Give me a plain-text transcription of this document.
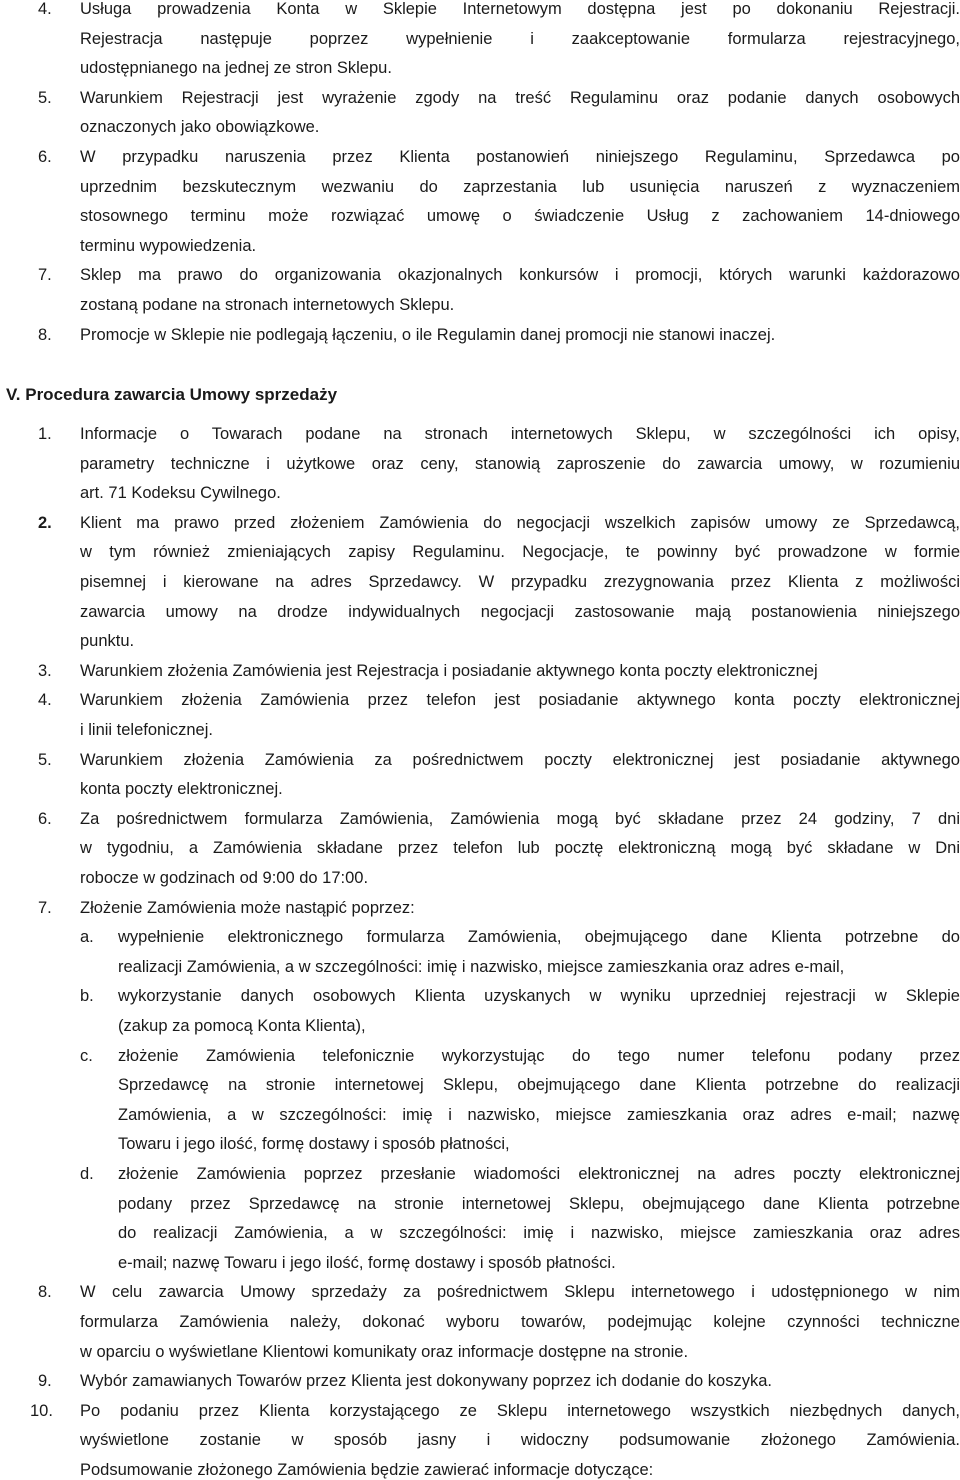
4. Usługa prowadzenia Konta w Sklepie Internetowym dostępna jest po dokonaniu Rejestracji.
Rejestracja następuje poprzez wypełnienie i zaakceptowanie formularza rejestracyjnego,
udostępnianego na jednej ze stron Sklepu.
5. Warunkiem Rejestracji jest wyrażenie zgody na treść Regulaminu oraz podanie danych osobowych
oznaczonych jako obowiązkowe.
6. W przypadku naruszenia przez Klienta postanowień niniejszego Regulaminu, Sprzedawca po
uprzednim bezskutecznym wezwaniu do zaprzestania lub usunięcia naruszeń z wyznaczeniem
stosownego terminu może rozwiązać umowę o świadczenie Usług z zachowaniem 14-dniowego
terminu wypowiedzenia.
7. Sklep ma prawo do organizowania okazjonalnych konkursów i promocji, których warunki każdorazowo
zostaną podane na stronach internetowych Sklepu.
8. Promocje w Sklepie nie podlegają łączeniu, o ile Regulamin danej promocji nie stanowi inaczej.
V. Procedura zawarcia Umowy sprzedaży
1. Informacje o Towarach podane na stronach internetowych Sklepu, w szczególności ich opisy,
parametry techniczne i użytkowe oraz ceny, stanowią zaproszenie do zawarcia umowy, w rozumieniu
art. 71 Kodeksu Cywilnego.
2. Klient ma prawo przed złożeniem Zamówienia do negocjacji wszelkich zapisów umowy ze Sprzedawcą,
w tym również zmieniających zapisy Regulaminu. Negocjacje, te powinny być prowadzone w formie
pisemnej i kierowane na adres Sprzedawcy. W przypadku zrezygnowania przez Klienta z możliwości
zawarcia umowy na drodze indywidualnych negocjacji zastosowanie mają postanowienia niniejszego
punktu.
3. Warunkiem złożenia Zamówienia jest Rejestracja i posiadanie aktywnego konta poczty elektronicznej
4. Warunkiem złożenia Zamówienia przez telefon jest posiadanie aktywnego konta poczty elektronicznej
i linii telefonicznej.
5. Warunkiem złożenia Zamówienia za pośrednictwem poczty elektronicznej jest posiadanie aktywnego
konta poczty elektronicznej.
6. Za pośrednictwem formularza Zamówienia, Zamówienia mogą być składane przez 24 godziny, 7 dni
w tygodniu, a Zamówienia składane przez telefon lub pocztę elektroniczną mogą być składane w Dni
robocze w godzinach od 9:00 do 17:00.
7. Złożenie Zamówienia może nastąpić poprzez:
a. wypełnienie elektronicznego formularza Zamówienia, obejmującego dane Klienta potrzebne do
realizacji Zamówienia, a w szczególności: imię i nazwisko, miejsce zamieszkania oraz adres e-mail,
b. wykorzystanie danych osobowych Klienta uzyskanych w wyniku uprzedniej rejestracji w Sklepie
(zakup za pomocą Konta Klienta),
c. złożenie Zamówienia telefonicznie wykorzystując do tego numer telefonu podany przez
Sprzedawcę na stronie internetowej Sklepu, obejmującego dane Klienta potrzebne do realizacji
Zamówienia, a w szczególności: imię i nazwisko, miejsce zamieszkania oraz adres e-mail; nazwę
Towaru i jego ilość, formę dostawy i sposób płatności,
d. złożenie Zamówienia poprzez przesłanie wiadomości elektronicznej na adres poczty elektronicznej
podany przez Sprzedawcę na stronie internetowej Sklepu, obejmującego dane Klienta potrzebne
do realizacji Zamówienia, a w szczególności: imię i nazwisko, miejsce zamieszkania oraz adres
e-mail; nazwę Towaru i jego ilość, formę dostawy i sposób płatności.
8. W celu zawarcia Umowy sprzedaży za pośrednictwem Sklepu internetowego i udostępnionego w nim
formularza Zamówienia należy, dokonać wyboru towarów, podejmując kolejne czynności techniczne
w oparciu o wyświetlane Klientowi komunikaty oraz informacje dostępne na stronie.
9. Wybór zamawianych Towarów przez Klienta jest dokonywany poprzez ich dodanie do koszyka.
10. Po podaniu przez Klienta korzystającego ze Sklepu internetowego wszystkich niezbędnych danych,
wyświetlone zostanie w sposób jasny i widoczny podsumowanie złożonego Zamówienia.
Podsumowanie złożonego Zamówienia będzie zawierać informacje dotyczące:
